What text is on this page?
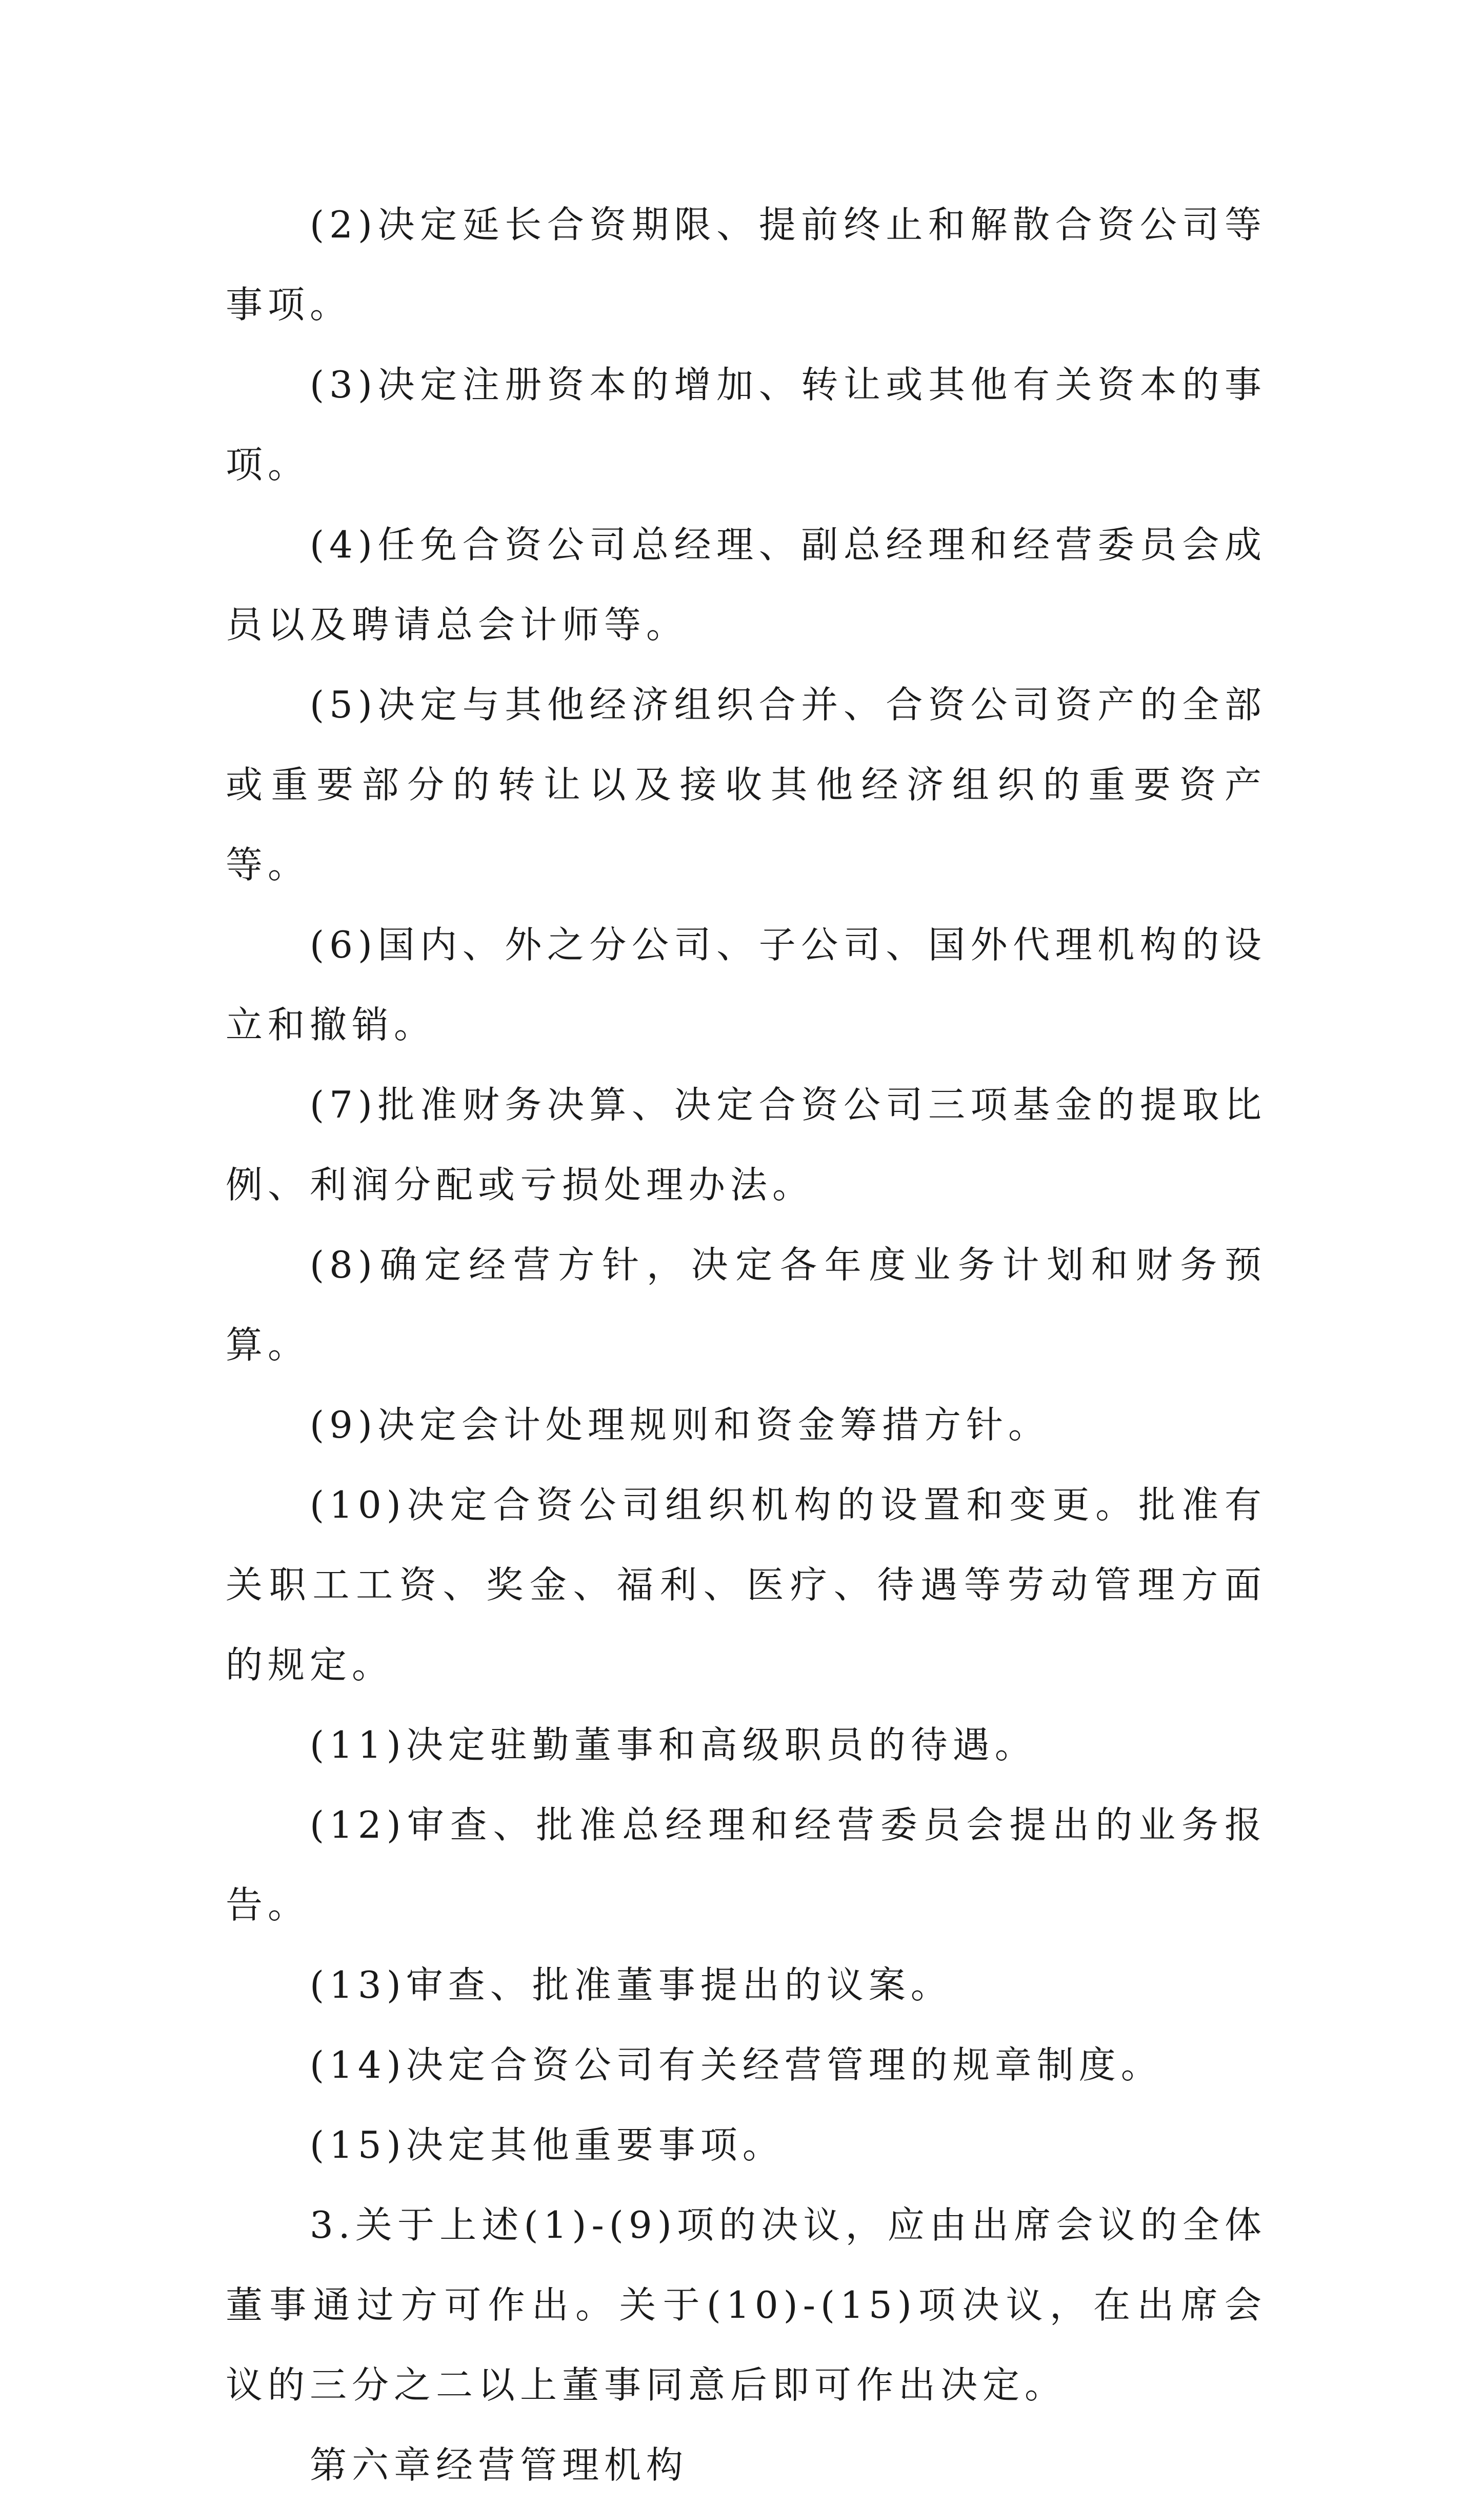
(2)决定延长合资期限、提前终止和解散合资公司等事项。

(3)决定注册资本的增加、转让或其他有关资本的事项。

(4)任免合资公司总经理、副总经理和经营委员会成员以及聘请总会计师等。

(5)决定与其他经济组织合并、合资公司资产的全部或重要部分的转让以及接收其他经济组织的重要资产等。

(6)国内、外之分公司、子公司、国外代理机构的设立和撤销。

(7)批准财务决算、决定合资公司三项基金的提取比例、利润分配或亏损处理办法。

(8)确定经营方针，决定各年度业务计划和财务预算。

(9)决定会计处理规则和资金筹措方针。

(10)决定合资公司组织机构的设置和变更。批准有关职工工资、奖金、福利、医疗、待遇等劳动管理方面的规定。

(11)决定驻勤董事和高级职员的待遇。

(12)审查、批准总经理和经营委员会提出的业务报告。

(13)审查、批准董事提出的议案。

(14)决定合资公司有关经营管理的规章制度。

(15)决定其他重要事项。

3.关于上述(1)-(9)项的决议，应由出席会议的全体董事通过方可作出。关于(10)-(15)项决议，在出席会议的三分之二以上董事同意后即可作出决定。

第六章经营管理机构
